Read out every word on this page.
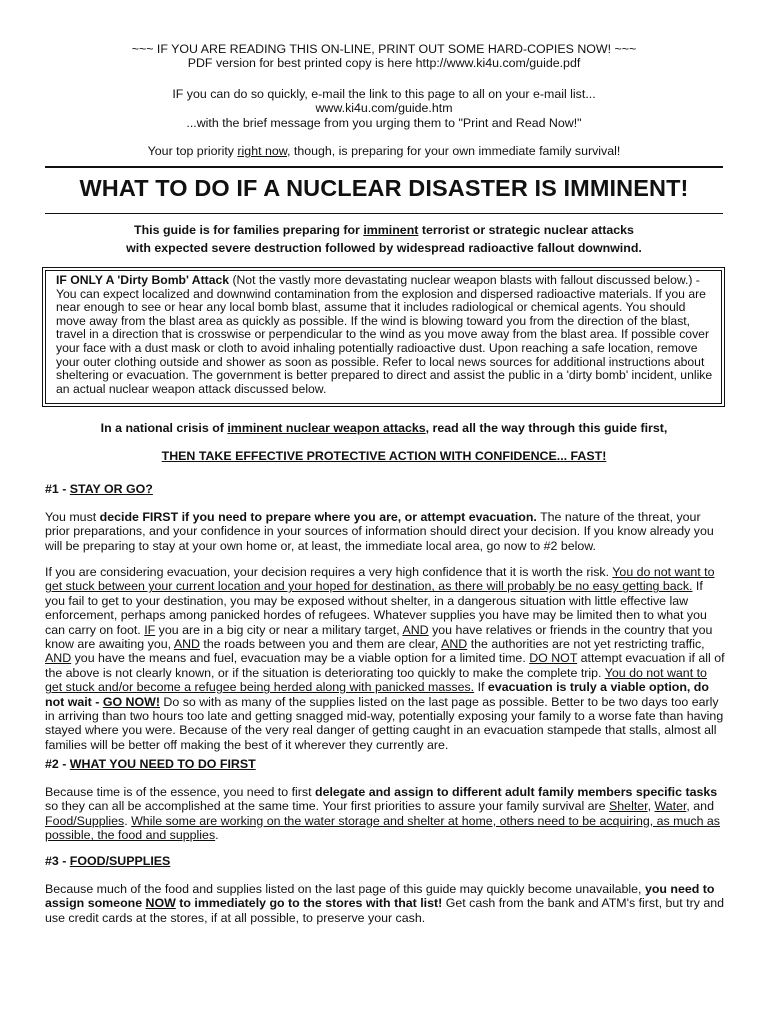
~~~ IF YOU ARE READING THIS ON-LINE, PRINT OUT SOME HARD-COPIES NOW! ~~~

PDF version for best printed copy is here http://www.ki4u.com/guide.pdf

IF you can do so quickly, e-mail the link to this page to all on your e-mail list...

www.ki4u.com/guide.htm

...with the brief message from you urging them to "Print and Read Now!"

Your top priority right now, though, is preparing for your own immediate family survival!
WHAT TO DO IF A NUCLEAR DISASTER IS IMMINENT!

This guide is for families preparing for imminent terrorist or strategic nuclear attacks

with expected severe destruction followed by widespread radioactive fallout downwind.

IF ONLY A 'Dirty Bomb' Attack (Not the vastly more devastating nuclear weapon blasts with fallout discussed below.) - You can expect localized and downwind contamination from the explosion and dispersed radioactive materials. If you are near enough to see or hear any local bomb blast, assume that it includes radiological or chemical agents. You should move away from the blast area as quickly as possible. If the wind is blowing toward you from the direction of the blast, travel in a direction that is crosswise or perpendicular to the wind as you move away from the blast area. If possible cover your face with a dust mask or cloth to avoid inhaling potentially radioactive dust. Upon reaching a safe location, remove your outer clothing outside and shower as soon as possible. Refer to local news sources for additional instructions about sheltering or evacuation. The government is better prepared to direct and assist the public in a 'dirty bomb' incident, unlike an actual nuclear weapon attack discussed below.
In a national crisis of imminent nuclear weapon attacks, read all the way through this guide first,
THEN TAKE EFFECTIVE PROTECTIVE ACTION WITH CONFIDENCE... FAST!
#1 - STAY OR GO?

You must decide FIRST if you need to prepare where you are, or attempt evacuation. The nature of the threat, your prior preparations, and your confidence in your sources of information should direct your decision. If you know already you will be preparing to stay at your own home or, at least, the immediate local area, go now to #2 below.

If you are considering evacuation, your decision requires a very high confidence that it is worth the risk. You do not want to get stuck between your current location and your hoped for destination, as there will probably be no easy getting back. If you fail to get to your destination, you may be exposed without shelter, in a dangerous situation with little effective law enforcement, perhaps among panicked hordes of refugees. Whatever supplies you have may be limited then to what you can carry on foot. IF you are in a big city or near a military target, AND you have relatives or friends in the country that you know are awaiting you, AND the roads between you and them are clear, AND the authorities are not yet restricting traffic, AND you have the means and fuel, evacuation may be a viable option for a limited time. DO NOT attempt evacuation if all of the above is not clearly known, or if the situation is deteriorating too quickly to make the complete trip. You do not want to get stuck and/or become a refugee being herded along with panicked masses. If evacuation is truly a viable option, do not wait - GO NOW! Do so with as many of the supplies listed on the last page as possible. Better to be two days too early in arriving than two hours too late and getting snagged mid-way, potentially exposing your family to a worse fate than having stayed where you were. Because of the very real danger of getting caught in an evacuation stampede that stalls, almost all families will be better off making the best of it wherever they currently are.

#2 - WHAT YOU NEED TO DO FIRST

Because time is of the essence, you need to first delegate and assign to different adult family members specific tasks so they can all be accomplished at the same time. Your first priorities to assure your family survival are Shelter, Water, and Food/Supplies. While some are working on the water storage and shelter at home, others need to be acquiring, as much as possible, the food and supplies.

#3 - FOOD/SUPPLIES

Because much of the food and supplies listed on the last page of this guide may quickly become unavailable, you need to assign someone NOW to immediately go to the stores with that list! Get cash from the bank and ATM's first, but try and use credit cards at the stores, if at all possible, to preserve your cash.
